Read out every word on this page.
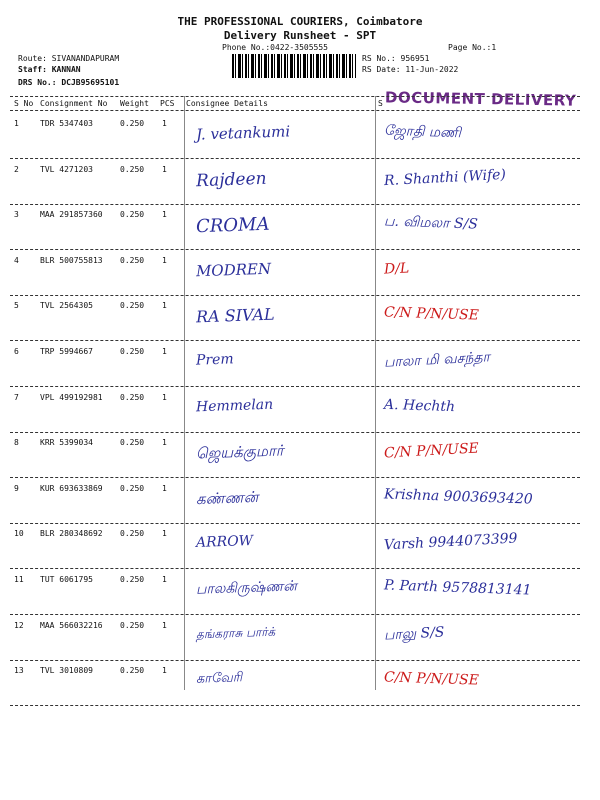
THE PROFESSIONAL COURIERS, Coimbatore
Delivery Runsheet - SPT
Phone No.:0422-3505555	Page No.:1
Route: SIVANANDAPURAM
Staff: KANNAN
DRS No.: DCJB95695101
RS No.: 956951
RS Date: 11-Jun-2022
S No Consignment No Weight PCS Consignee Details	S DOCUMENT DELIVERY
1	TDR 5347403	0.250 1 J. vetankumi	ஜோதி மணி
2	TVL 4271203	0.250 1 Rajdeen	R. Shanthi (Wife)
3	MAA 291857360 0.250 1 CROMA	ப. விமலா S/S
4	BLR 500755813 0.250 1 MODREN	D/L
5	TVL 2564305	0.250 1 RA SIVAL	C/N P/N/USE
6	TRP 5994667	0.250 1 Prem	பாலா மி வசந்தா
7	VPL 499192981 0.250 1 Hemmelan	A. Hechth
8	KRR 5399034	0.250 1 ஜெயக்குமார்	C/N P/N/USE
9	KUR 693633869 0.250 1 கண்ணன்	Krishna 9003693420
10 BLR 280348692 0.250 1 ARROW	Varsh 9944073399
11 TUT 6061795	0.250 1 பாலகிருஷ்ணன்	P. Parth 9578813141
12 MAA 566032216 0.250 1 தங்கராசு பார்க்	பாலு S/S
13 TVL 3010809	0.250 1 காவேரி	C/N P/N/USE
